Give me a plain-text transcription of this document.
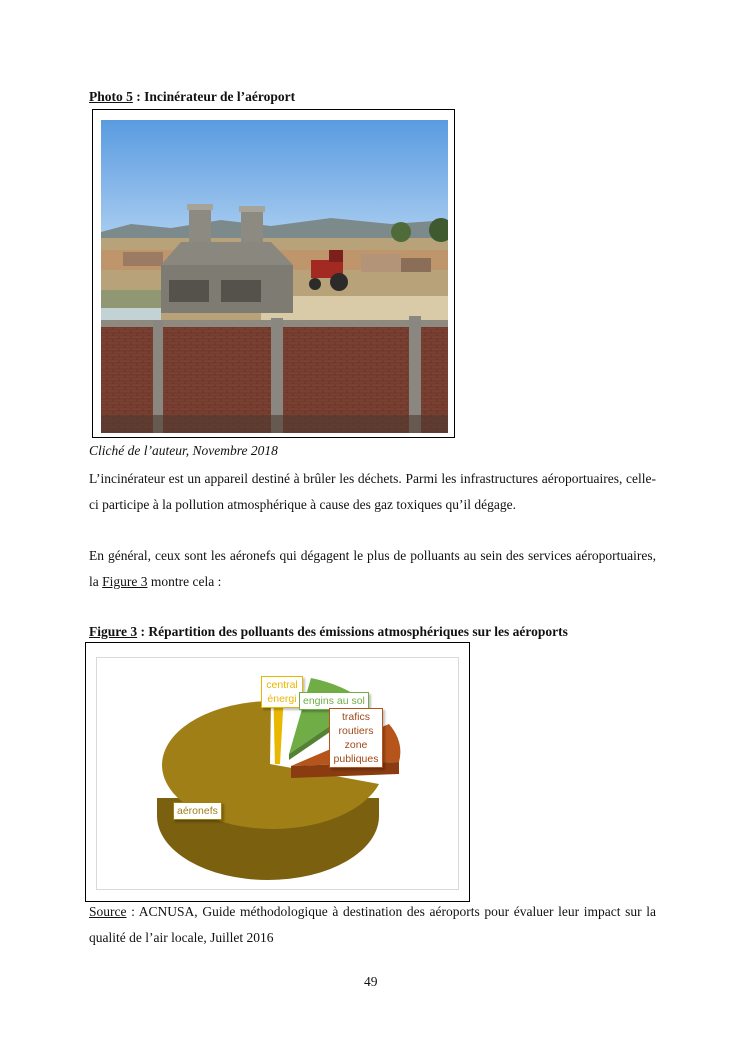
Photo 5 : Incinérateur de l’aéroport
Cliché de l’auteur, Novembre 2018
L’incinérateur est un appareil destiné à brûler les déchets. Parmi les infrastructures aéroportuaires, celle-ci participe à la pollution atmosphérique à cause des gaz toxiques qu’il dégage.
En général, ceux sont les aéronefs qui dégagent le plus de polluants au sein des services aéroportuaires, la Figure 3 montre cela :
Figure 3 : Répartition des polluants des émissions atmosphériques sur les aéroports
central
énergi engins au sol
trafics
routiers
zone
publiques
aéronefs
Source : ACNUSA, Guide méthodologique à destination des aéroports pour évaluer leur impact sur la qualité de l’air locale, Juillet 2016
49
